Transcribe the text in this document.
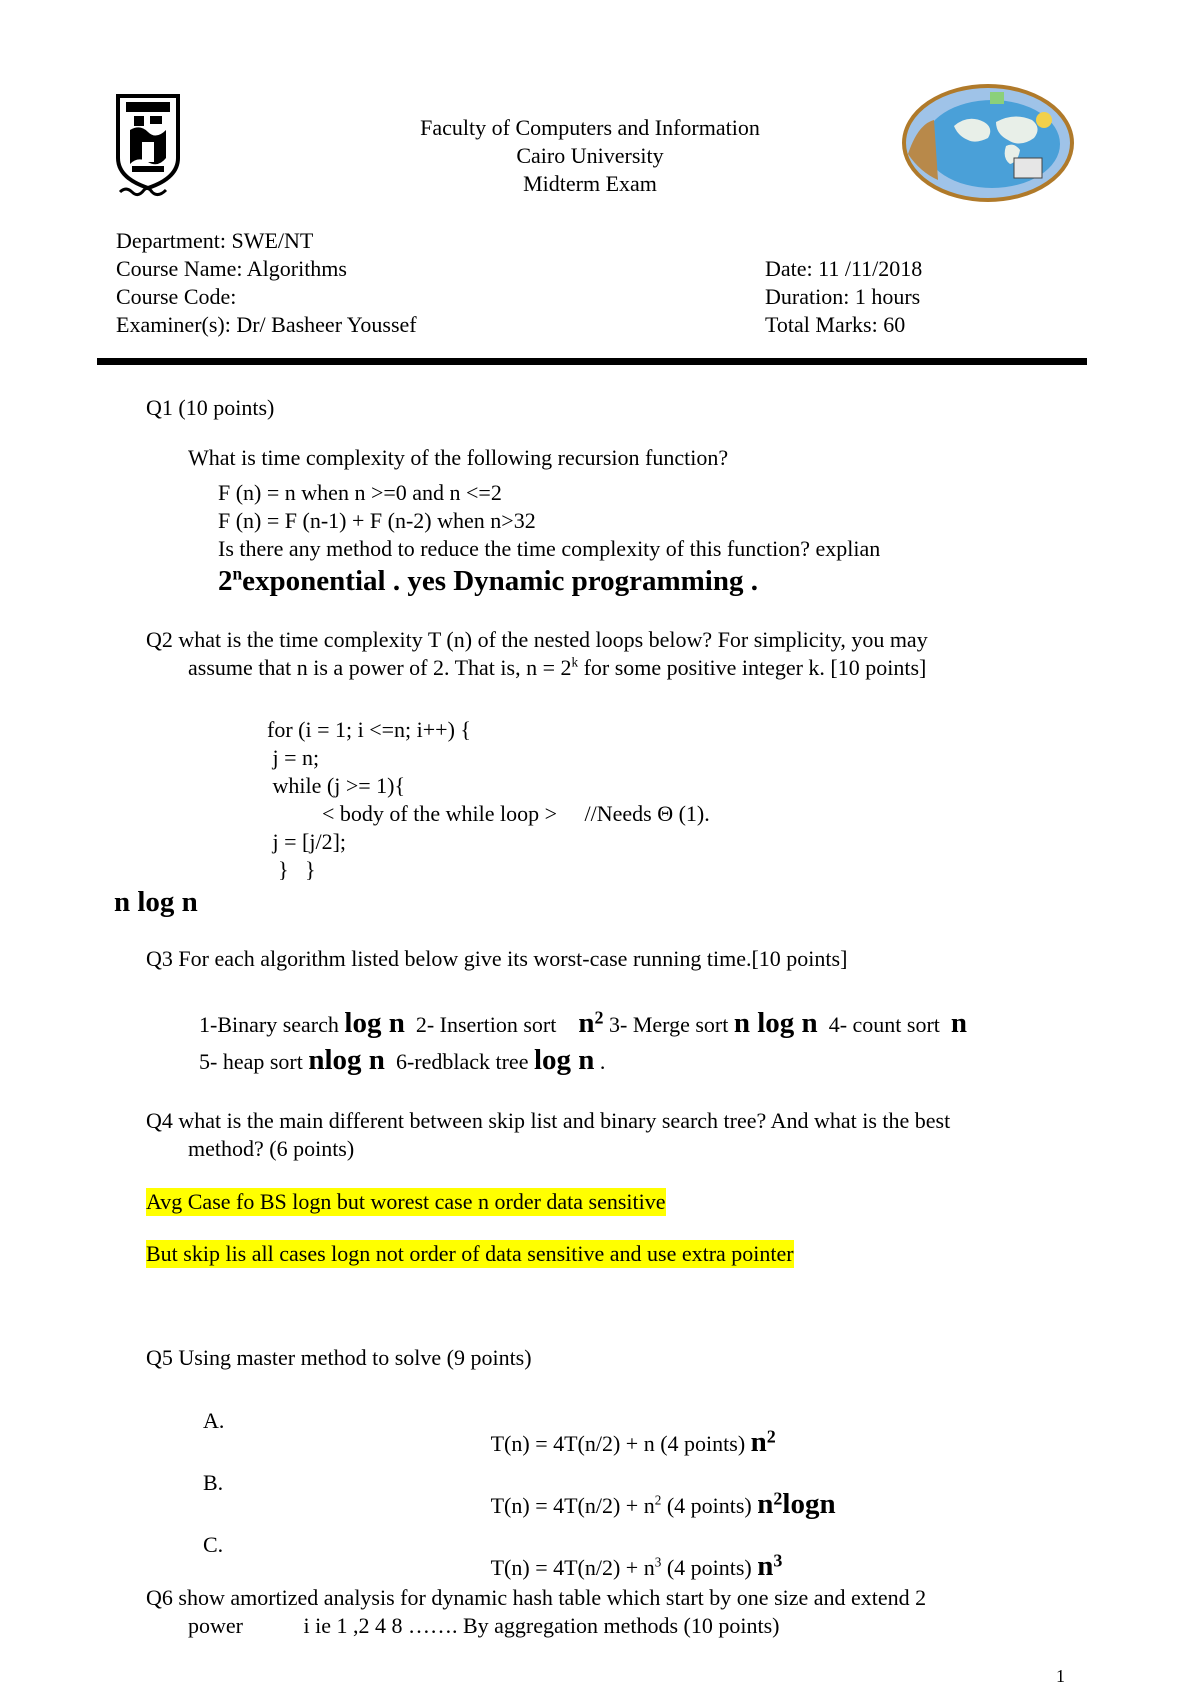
Faculty of Computers and Information
Cairo University
Midterm Exam
Department: SWE/NT
Course Name: Algorithms
Course Code:
Examiner(s): Dr/ Basheer Youssef
Date: 11 /11/2018
Duration: 1 hours
Total Marks: 60
Q1 (10 points)
What is time complexity of the following recursion function?
F (n) = n when n >=0 and n <=2
F (n) = F (n-1) + F (n-2) when n>32
Is there any method to reduce the time complexity of this function? explian
2$^n$exponential . yes Dynamic programming .
Q2 what is the time complexity T (n) of the nested loops below? For simplicity, you may
assume that n is a power of 2. That is, $n = 2^k$ for some positive integer k. [10 points]
for (i = 1; i <=n; i++) {
j = n;
while (j >= 1){
< body of the while loop >     //Needs Θ (1).
j = [j/2];
}   }
n log n
Q3 For each algorithm listed below give its worst-case running time.[10 points]

1-Binary search log n  2- Insertion sort    $n^2$ 3- Merge sort n log n  4- count sort  n

5- heap sort nlog n  6-redblack tree log n .

Q4 what is the main different between skip list and binary search tree? And what is the best
method? (6 points)
Avg Case fo BS logn but worest case n order data sensitive
But skip lis all cases logn not order of data sensitive and use extra pointer
Q5 Using master method to solve (9 points)
A.

T(n) = 4T(n/2) + n (4 points) $n^2$

B.

$T(n) = 4T(n/2) + n^2$ (4 points) $n^2\log n$

C.

$T(n) = 4T(n/2) + n^3$ (4 points) $n^3$

Q6 show amortized analysis for dynamic hash table which start by one size and extend 2
power           i ie 1 ,2 4 8 ……. By aggregation methods (10 points)
1
